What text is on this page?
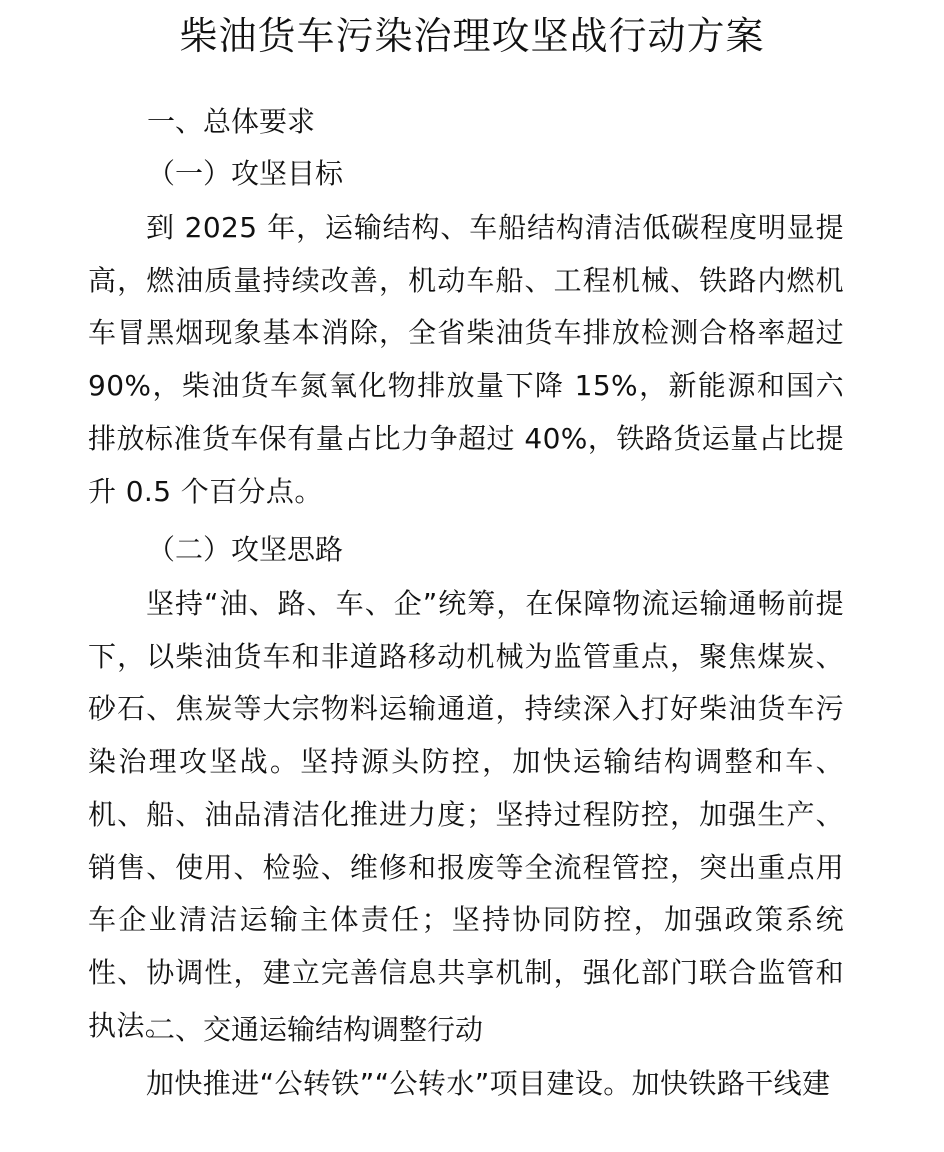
柴油货车污染治理攻坚战行动方案
一、总体要求
（一）攻坚目标

到 2025 年，运输结构、车船结构清洁低碳程度明显提高，燃油质量持续改善，机动车船、工程机械、铁路内燃机车冒黑烟现象基本消除，全省柴油货车排放检测合格率超过 90%，柴油货车氮氧化物排放量下降 15%，新能源和国六排放标准货车保有量占比力争超过 40%，铁路货运量占比提升 0.5 个百分点。

（二）攻坚思路

坚持“油、路、车、企”统筹，在保障物流运输通畅前提下，以柴油货车和非道路移动机械为监管重点，聚焦煤炭、砂石、焦炭等大宗物料运输通道，持续深入打好柴油货车污染治理攻坚战。坚持源头防控，加快运输结构调整和车、机、船、油品清洁化推进力度；坚持过程防控，加强生产、销售、使用、检验、维修和报废等全流程管控，突出重点用车企业清洁运输主体责任；坚持协同防控，加强政策系统性、协调性，建立完善信息共享机制，强化部门联合监管和执法。

二、交通运输结构调整行动

加快推进“公转铁”“公转水”项目建设。加快铁路干线建
